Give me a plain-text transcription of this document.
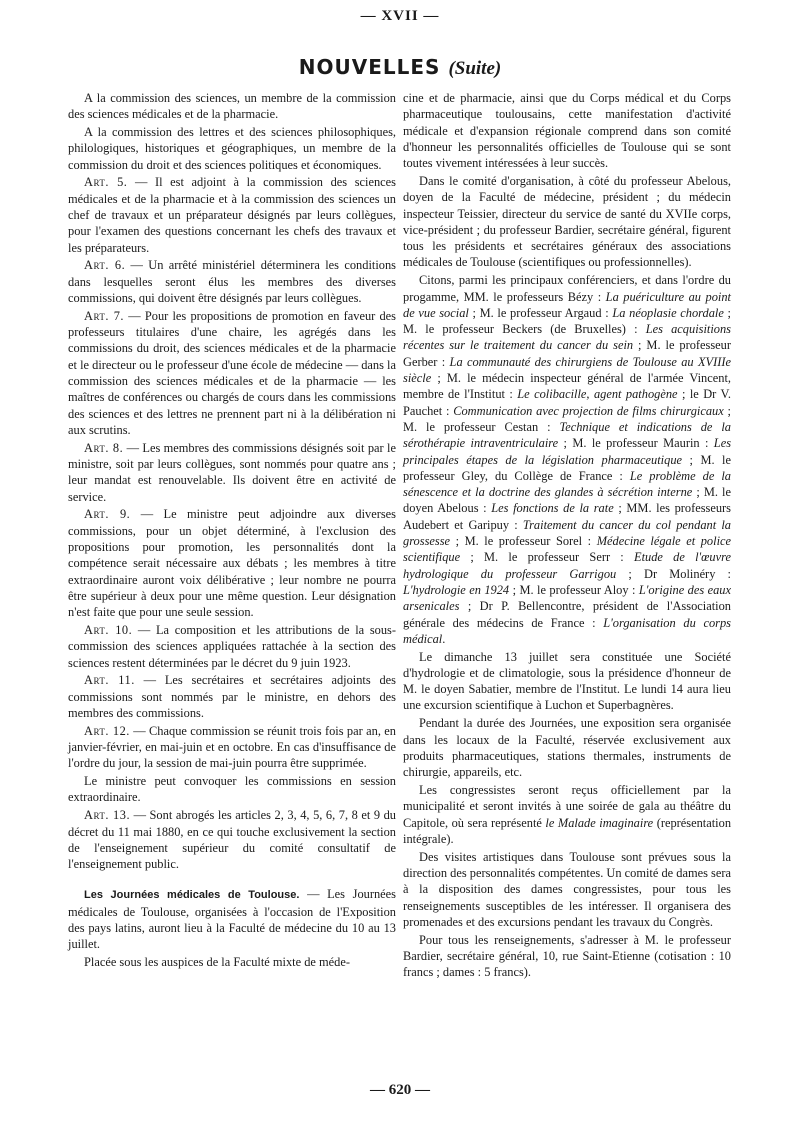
— XVII —
NOUVELLES (Suite)

A la commission des sciences, un membre de la commission des sciences médicales et de la pharmacie.

A la commission des lettres et des sciences philosophiques, philologiques, historiques et géographiques, un membre de la commission du droit et des sciences politiques et économiques.

Art. 5. — Il est adjoint à la commission des sciences médicales et de la pharmacie et à la commission des sciences un chef de travaux et un préparateur désignés par leurs collègues, pour l'examen des questions concernant les chefs des travaux et les préparateurs.

Art. 6. — Un arrêté ministériel déterminera les conditions dans lesquelles seront élus les membres des diverses commissions, qui doivent être désignés par leurs collègues.

Art. 7. — Pour les propositions de promotion en faveur des professeurs titulaires d'une chaire, les agrégés dans les commissions du droit, des sciences médicales et de la pharmacie et le directeur ou le professeur d'une école de médecine — dans la commission des sciences médicales et de la pharmacie — les maîtres de conférences ou chargés de cours dans les commissions des sciences et des lettres ne prennent part ni à la délibération ni aux scrutins.

Art. 8. — Les membres des commissions désignés soit par le ministre, soit par leurs collègues, sont nommés pour quatre ans ; leur mandat est renouvelable. Ils doivent être en activité de service.

Art. 9. — Le ministre peut adjoindre aux diverses commissions, pour un objet déterminé, à l'exclusion des propositions pour promotion, les personnalités dont la compétence serait nécessaire aux débats ; les membres à titre extraordinaire auront voix délibérative ; leur nombre ne pourra être supérieur à deux pour une même question. Leur désignation n'est faite que pour une seule session.

Art. 10. — La composition et les attributions de la sous-commission des sciences appliquées rattachée à la section des sciences restent déterminées par le décret du 9 juin 1923.

Art. 11. — Les secrétaires et secrétaires adjoints des commissions sont nommés par le ministre, en dehors des membres des commissions.

Art. 12. — Chaque commission se réunit trois fois par an, en janvier-février, en mai-juin et en octobre. En cas d'insuffisance de l'ordre du jour, la session de mai-juin pourra être supprimée.

Le ministre peut convoquer les commissions en session extraordinaire.

Art. 13. — Sont abrogés les articles 2, 3, 4, 5, 6, 7, 8 et 9 du décret du 11 mai 1880, en ce qui touche exclusivement la section de l'enseignement supérieur du comité consultatif de l'enseignement public.

Les Journées médicales de Toulouse. — Les Journées médicales de Toulouse, organisées à l'occasion de l'Exposition des pays latins, auront lieu à la Faculté de médecine du 10 au 13 juillet.

Placée sous les auspices de la Faculté mixte de méde-

cine et de pharmacie, ainsi que du Corps médical et du Corps pharmaceutique toulousains, cette manifestation d'activité médicale et d'expansion régionale comprend dans son comité d'honneur les personnalités officielles de Toulouse qui se sont toutes vivement intéressées à leur succès.

Dans le comité d'organisation, à côté du professeur Abelous, doyen de la Faculté de médecine, président ; du médecin inspecteur Teissier, directeur du service de santé du XVIIe corps, vice-président ; du professeur Bardier, secrétaire général, figurent tous les présidents et secrétaires généraux des associations médicales de Toulouse (scientifiques ou professionnelles).

Citons, parmi les principaux conférenciers, et dans l'ordre du progamme, MM. le professeurs Bézy : La puériculture au point de vue social ; M. le professeur Argaud : La néoplasie chordale ; M. le professeur Beckers (de Bruxelles) : Les acquisitions récentes sur le traitement du cancer du sein ; M. le professeur Gerber : La communauté des chirurgiens de Toulouse au XVIIIe siècle ; M. le médecin inspecteur général de l'armée Vincent, membre de l'Institut : Le colibacille, agent pathogène ; le Dr V. Pauchet : Communication avec projection de films chirurgicaux ; M. le professeur Cestan : Technique et indications de la sérothérapie intraventriculaire ; M. le professeur Maurin : Les principales étapes de la législation pharmaceutique ; M. le professeur Gley, du Collège de France : Le problème de la sénescence et la doctrine des glandes à sécrétion interne ; M. le doyen Abelous : Les fonctions de la rate ; MM. les professeurs Audebert et Garipuy : Traitement du cancer du col pendant la grossesse ; M. le professeur Sorel : Médecine légale et police scientifique ; M. le professeur Serr : Etude de l'œuvre hydrologique du professeur Garrigou ; Dr Molinéry : L'hydrologie en 1924 ; M. le professeur Aloy : L'origine des eaux arsenicales ; Dr P. Bellencontre, président de l'Association générale des médecins de France : L'organisation du corps médical.

Le dimanche 13 juillet sera constituée une Société d'hydrologie et de climatologie, sous la présidence d'honneur de M. le doyen Sabatier, membre de l'Institut. Le lundi 14 aura lieu une excursion scientifique à Luchon et Superbagnères.

Pendant la durée des Journées, une exposition sera organisée dans les locaux de la Faculté, réservée exclusivement aux produits pharmaceutiques, stations thermales, instruments de chirurgie, appareils, etc.

Les congressistes seront reçus officiellement par la municipalité et seront invités à une soirée de gala au théâtre du Capitole, où sera représenté le Malade imaginaire (représentation intégrale).

Des visites artistiques dans Toulouse sont prévues sous la direction des personnalités compétentes. Un comité de dames sera à la disposition des dames congressistes, pour tous les renseignements susceptibles de les intéresser. Il organisera des promenades et des excursions pendant les travaux du Congrès.

Pour tous les renseignements, s'adresser à M. le professeur Bardier, secrétaire général, 10, rue Saint-Etienne (cotisation : 10 francs ; dames : 5 francs).

— 620 —
